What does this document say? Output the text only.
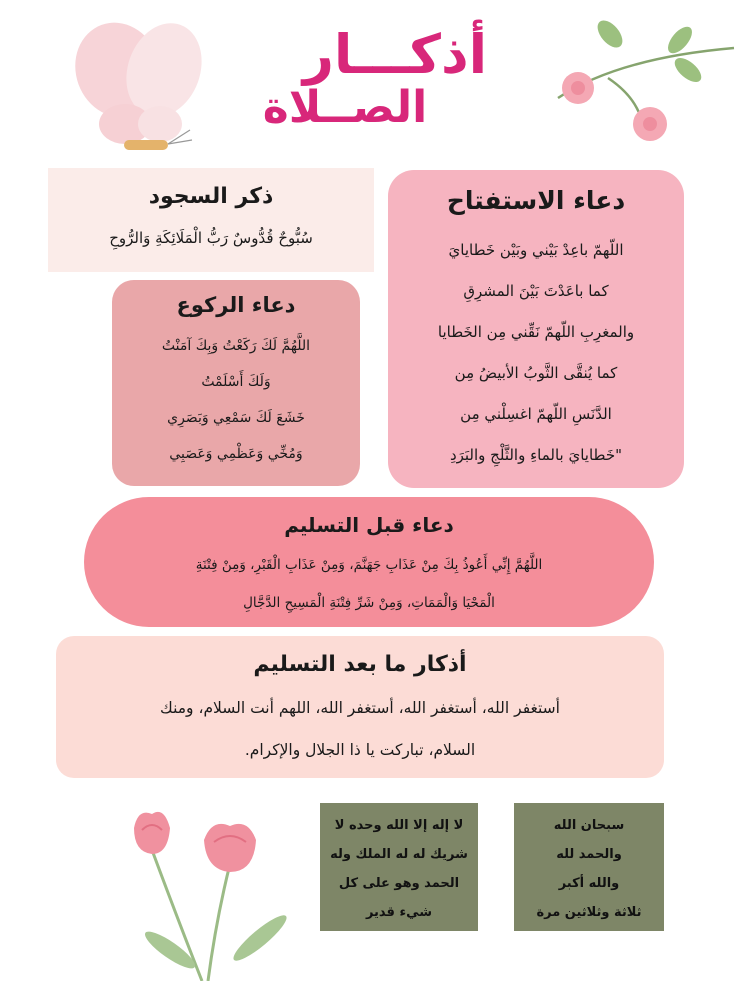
أذكـــار
الصــلاة
ذكر السجود
سُبُّوحٌ قُدُّوسٌ رَبُّ الْمَلَائِكَةِ وَالرُّوحِ
دعاء الاستفتاح
اللّهمّ باعِدْ بَيْني وبَيْن خَطايايَ
كما باعَدْتَ بَيْنَ المشرِقِ
والمغرِبِ اللّهمّ نَقِّني مِن الخَطايا
كما يُنقَّى الثَّوبُ الأبيضُ مِن
الدَّنَسِ اللّهمّ اغسِلْني مِن
"خَطايايَ بالماءِ والثَّلْجِ والبَرَدِ
دعاء الركوع
اللَّهُمَّ لَكَ رَكَعْتُ وَبِكَ آمَنْتُ
وَلَكَ أَسْلَمْتُ
خَشَعَ لَكَ سَمْعِي وَبَصَرِي
وَمُخِّي وَعَظْمِي وَعَصَبِي
دعاء قبل التسليم
اللَّهُمَّ إِنِّي أَعُوذُ بِكَ مِنْ عَذَابِ جَهَنَّمَ، وَمِنْ عَذَابِ الْقَبْرِ، وَمِنْ فِتْنَةِ
الْمَحْيَا وَالْمَمَاتِ، وَمِنْ شَرِّ فِتْنَةِ الْمَسِيحِ الدَّجَّالِ
أذكار ما بعد التسليم
أستغفر الله، أستغفر الله، أستغفر الله، اللهم أنت السلام، ومنك
السلام، تباركت يا ذا الجلال والإكرام.
لا إله إلا الله وحده لا
شريك له له الملك وله
الحمد وهو على كل
شيء قدير
سبحان الله
والحمد لله
والله أكبر
ثلاثة وثلاثين مرة
